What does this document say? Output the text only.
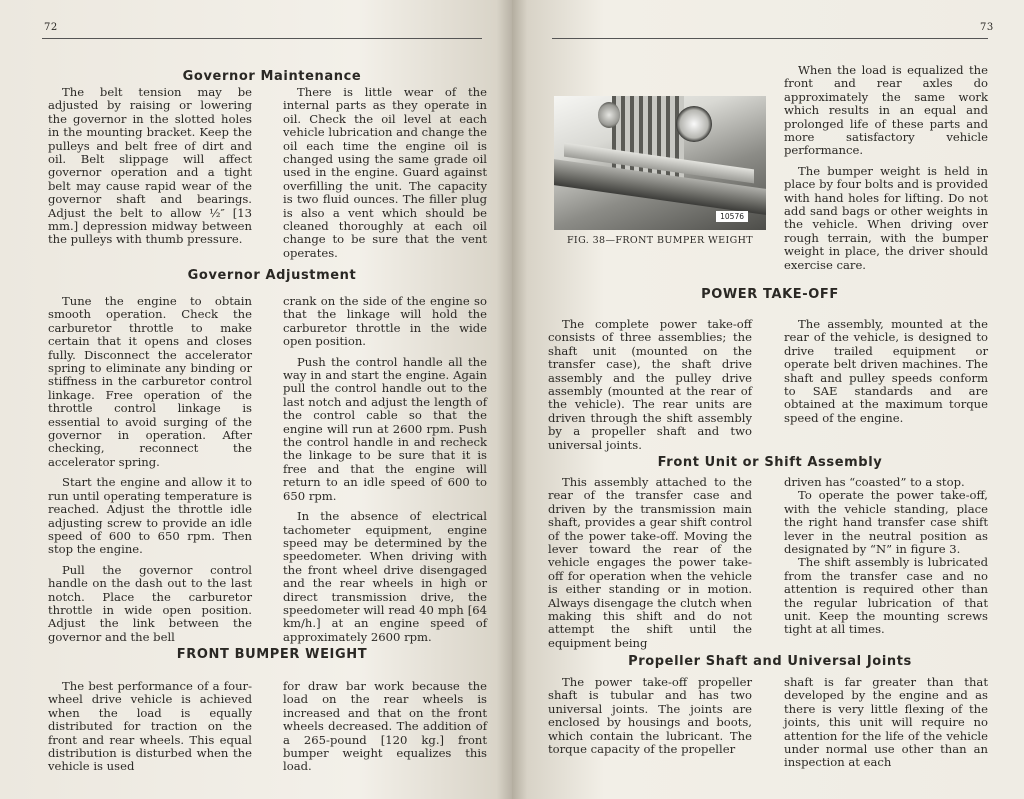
72
Governor Maintenance

The belt tension may be adjusted by raising or lowering the governor in the slotted holes in the mounting bracket. Keep the pulleys and belt free of dirt and oil. Belt slippage will affect governor operation and a tight belt may cause rapid wear of the governor shaft and bearings. Adjust the belt to allow ½″ [13 mm.] depression midway between the pulleys with thumb pressure.

There is little wear of the internal parts as they operate in oil. Check the oil level at each vehicle lubrication and change the oil each time the engine oil is changed using the same grade oil used in the engine. Guard against overfilling the unit. The capacity is two fluid ounces. The filler plug is also a vent which should be cleaned thoroughly at each oil change to be sure that the vent operates.

Governor Adjustment

Tune the engine to obtain smooth operation. Check the carburetor throttle to make certain that it opens and closes fully. Disconnect the accelerator spring to eliminate any binding or stiffness in the carburetor control linkage. Free operation of the throttle control linkage is essential to avoid surging of the governor in operation. After checking, reconnect the accelerator spring.

Start the engine and allow it to run until operating temperature is reached. Adjust the throttle idle adjusting screw to provide an idle speed of 600 to 650 rpm. Then stop the engine.

Pull the governor control handle on the dash out to the last notch. Place the carburetor throttle in wide open position. Adjust the link between the governor and the bell

crank on the side of the engine so that the linkage will hold the carburetor throttle in the wide open position.

Push the control handle all the way in and start the engine. Again pull the control handle out to the last notch and adjust the length of the control cable so that the engine will run at 2600 rpm. Push the control handle in and recheck the linkage to be sure that it is free and that the engine will return to an idle speed of 600 to 650 rpm.

In the absence of electrical tachometer equipment, engine speed may be determined by the speedometer. When driving with the front wheel drive disengaged and the rear wheels in high or direct transmission drive, the speedometer will read 40 mph [64 km/h.] at an engine speed of approximately 2600 rpm.

FRONT BUMPER WEIGHT

The best performance of a four-wheel drive vehicle is achieved when the load is equally distributed for traction on the front and rear wheels. This equal distribution is disturbed when the vehicle is used

for draw bar work because the load on the rear wheels is increased and that on the front wheels decreased. The addition of a 265-pound [120 kg.] front bumper weight equalizes this load.

73
10576
FIG. 38—FRONT BUMPER WEIGHT

When the load is equalized the front and rear axles do approximately the same work which results in an equal and prolonged life of these parts and more satisfactory vehicle performance.

The bumper weight is held in place by four bolts and is provided with hand holes for lifting. Do not add sand bags or other weights in the vehicle. When driving over rough terrain, with the bumper weight in place, the driver should exercise care.

POWER TAKE-OFF

The complete power take-off consists of three assemblies; the shaft unit (mounted on the transfer case), the shaft drive assembly and the pulley drive assembly (mounted at the rear of the vehicle). The rear units are driven through the shift assembly by a propeller shaft and two universal joints.

The assembly, mounted at the rear of the vehicle, is designed to drive trailed equipment or operate belt driven machines. The shaft and pulley speeds conform to SAE standards and are obtained at the maximum torque speed of the engine.

Front Unit or Shift Assembly

This assembly attached to the rear of the transfer case and driven by the transmission main shaft, provides a gear shift control of the power take-off. Moving the lever toward the rear of the vehicle engages the power take-off for operation when the vehicle is either standing or in motion. Always disengage the clutch when making this shift and do not attempt the shift until the equipment being

driven has “coasted” to a stop.

To operate the power take-off, with the vehicle standing, place the right hand transfer case shift lever in the neutral position as designated by “N” in figure 3.

The shift assembly is lubricated from the transfer case and no attention is required other than the regular lubrication of that unit. Keep the mounting screws tight at all times.

Propeller Shaft and Universal Joints

The power take-off propeller shaft is tubular and has two universal joints. The joints are enclosed by housings and boots, which contain the lubricant. The torque capacity of the propeller

shaft is far greater than that developed by the engine and as there is very little flexing of the joints, this unit will require no attention for the life of the vehicle under normal use other than an inspection at each
